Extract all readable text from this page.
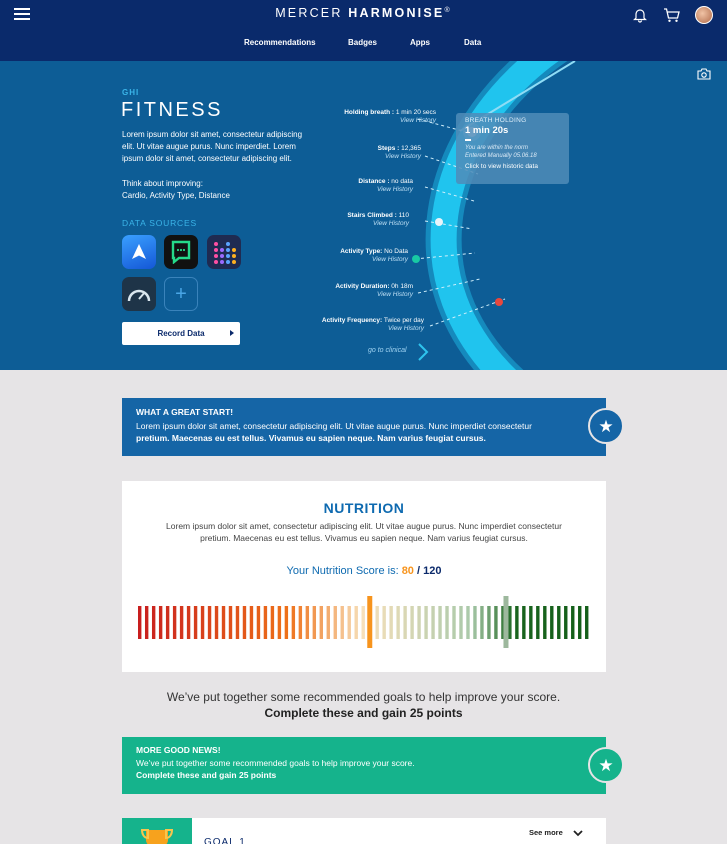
MERCER HARMONISE®
Recommendations	Badges	Apps	Data
GHI
FITNESS
Lorem ipsum dolor sit amet, consectetur adipiscing elit. Ut vitae augue purus. Nunc imperdiet. Lorem ipsum dolor sit amet, consectetur adipiscing elit.
Think about improving:
Cardio, Activity Type, Distance
DATA SOURCES
+
Record Data
Holding breath : 1 min 20 secs
View History
Steps : 12,365
View History
Distance : no data
View History
Stairs Climbed : 110
View History
Activity Type: No Data
View History
Activity Duration: 0h 18m
View History
Activity Frequency: Twice per day
View History
go to clinical
BREATH HOLDING
1 min 20s
You are within the norm
Entered Manually 05.06.18
Click to view historic data
WHAT A GREAT START!
Lorem ipsum dolor sit amet, consectetur adipiscing elit. Ut vitae augue purus. Nunc imperdiet consectetur pretium. Maecenas eu est tellus. Vivamus eu sapien neque. Nam varius feugiat cursus.
★
NUTRITION
Lorem ipsum dolor sit amet, consectetur adipiscing elit. Ut vitae augue purus. Nunc imperdiet consectetur pretium. Maecenas eu est tellus. Vivamus eu sapien neque. Nam varius feugiat cursus.
Your Nutrition Score is: 80 / 120
We’ve put together some recommended goals to help improve your score.
Complete these and gain 25 points
MORE GOOD NEWS!
We’ve put together some recommended goals to help improve your score.
Complete these and gain 25 points
★
GOAL 1
See more
